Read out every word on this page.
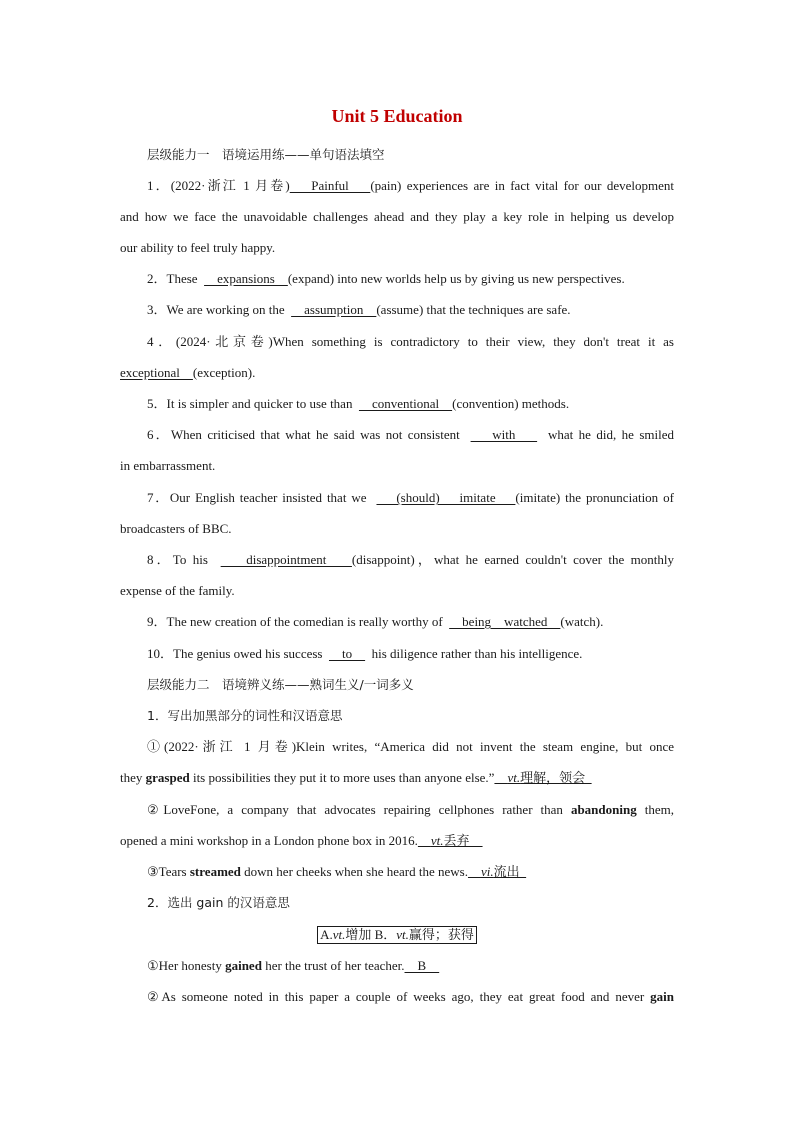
Unit 5 Education
层级能力一　语境运用练——单句语法填空
1．(2022·浙江 1 月卷)    Painful    (pain) experiences are in fact vital for our development
and how we face the unavoidable challenges ahead and they play a key role in helping us develop
our ability to feel truly happy.
2．These      expansions    (expand) into new worlds help us by giving us new perspectives.
3．We are working on the      assumption    (assume) that the techniques are safe.
4．(2024·北京卷)When something is contradictory to their view, they don't treat it as
exceptional    (exception).
5．It is simpler and quicker to use than      conventional    (convention) methods.
6．When criticised that what he said was not consistent      with      what he did, he smiled
in embarrassment.
7．Our English teacher insisted that we      (should)    imitate    (imitate) the pronunciation of
broadcasters of BBC.
8．To his      disappointment    (disappoint)，what he earned couldn't cover the monthly
expense of the family.
9．The new creation of the comedian is really worthy of      being    watched    (watch).
10．The genius owed his success      to      his diligence rather than his intelligence.
层级能力二　语境辨义练——熟词生义/一词多义
1．写出加黑部分的词性和汉语意思
①(2022·浙江 1 月卷)Klein writes, “America did not invent the steam engine, but once
they grasped its possibilities they put it to more uses than anyone else.” vt.理解，领会
②LoveFone, a company that advocates repairing cellphones rather than abandoning them,
opened a mini workshop in a London phone box in 2016. vt.丢弃
③Tears streamed down her cheeks when she heard the news. vi.流出
2．选出 gain 的汉语意思
A.vt.增加 B．vt.赢得；获得
①Her honesty gained her the trust of her teacher.    B
②As someone noted in this paper a couple of weeks ago, they eat great food and never gain
